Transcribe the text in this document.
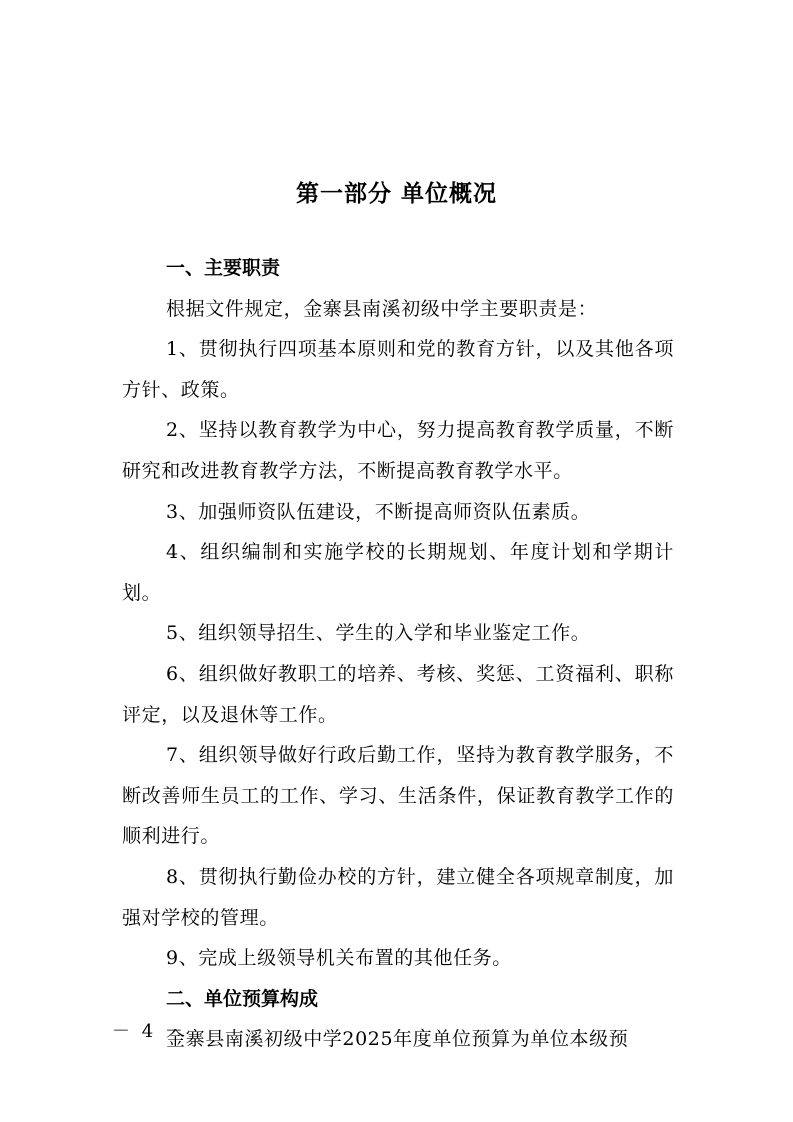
第一部分 单位概况
一、主要职责

根据文件规定，金寨县南溪初级中学主要职责是：

1、贯彻执行四项基本原则和党的教育方针，以及其他各项方针、政策。

2、坚持以教育教学为中心，努力提高教育教学质量，不断研究和改进教育教学方法，不断提高教育教学水平。

3、加强师资队伍建设，不断提高师资队伍素质。

4、组织编制和实施学校的长期规划、年度计划和学期计划。

5、组织领导招生、学生的入学和毕业鉴定工作。

6、组织做好教职工的培养、考核、奖惩、工资福利、职称评定，以及退休等工作。

7、组织领导做好行政后勤工作，坚持为教育教学服务，不断改善师生员工的工作、学习、生活条件，保证教育教学工作的顺利进行。

8、贯彻执行勤俭办校的方针，建立健全各项规章制度，加强对学校的管理。

9、完成上级领导机关布置的其他任务。

二、单位预算构成

金寨县南溪初级中学2025年度单位预算为单位本级预

－ 4 －
